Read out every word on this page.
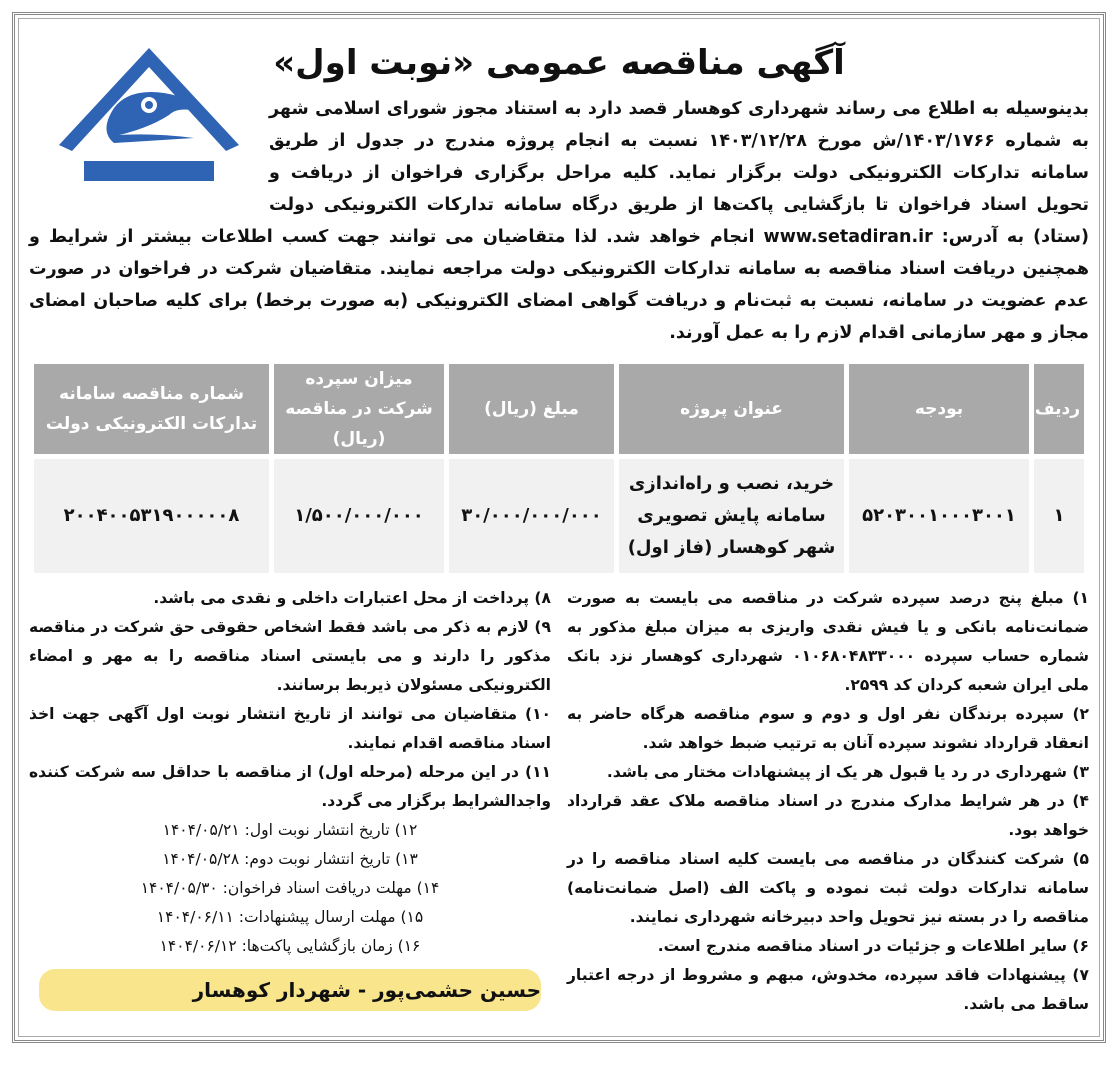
آگهی مناقصه عمومی «نوبت اول»
بدینوسیله به اطلاع می رساند شهرداری کوهسار قصد دارد به استناد مجوز شورای اسلامی شهر به شماره ۱۴۰۳/۱۷۶۶/ش مورخ ۱۴۰۳/۱۲/۲۸ نسبت به انجام پروژه مندرج در جدول از طریق سامانه تدارکات الکترونیکی دولت برگزار نماید. کلیه مراحل برگزاری فراخوان از دریافت و تحویل اسناد فراخوان تا بازگشایی پاکت‌ها از طریق درگاه سامانه تدارکات الکترونیکی دولت (ستاد) به آدرس: www.setadiran.ir انجام خواهد شد. لذا متقاضیان می توانند جهت کسب اطلاعات بیشتر از شرایط و همچنین دریافت اسناد مناقصه به سامانه تدارکات الکترونیکی دولت مراجعه نمایند. متقاضیان شرکت در فراخوان در صورت عدم عضویت در سامانه، نسبت به ثبت‌نام و دریافت گواهی امضای الکترونیکی (به صورت برخط) برای کلیه صاحبان امضای مجاز و مهر سازمانی اقدام لازم را به عمل آورند.
ردیف	بودجه	عنوان پروژه	مبلغ (ریال)	میزان سپرده شرکت در مناقصه (ریال)	شماره مناقصه سامانه تدارکات الکترونیکی دولت
۱	۵۲۰۳۰۰۱۰۰۰۳۰۰۱	خرید، نصب و راه‌اندازی سامانه پایش تصویری شهر کوهسار (فاز اول)	۳۰/۰۰۰/۰۰۰/۰۰۰	۱/۵۰۰/۰۰۰/۰۰۰	۲۰۰۴۰۰۵۳۱۹۰۰۰۰۰۸

۱) مبلغ پنج درصد سپرده شرکت در مناقصه می بایست به صورت ضمانت‌نامه بانکی و یا فیش نقدی واریزی به میزان مبلغ مذکور به شماره حساب سپرده ۰۱۰۶۸۰۴۸۳۳۰۰۰ شهرداری کوهسار نزد بانک ملی ایران شعبه کردان کد ۲۵۹۹.

۲) سپرده برندگان نفر اول و دوم و سوم مناقصه هرگاه حاضر به انعقاد قرارداد نشوند سپرده آنان به ترتیب ضبط خواهد شد.

۳) شهرداری در رد یا قبول هر یک از پیشنهادات مختار می باشد.

۴) در هر شرایط مدارک مندرج در اسناد مناقصه ملاک عقد قرارداد خواهد بود.

۵) شرکت کنندگان در مناقصه می بایست کلیه اسناد مناقصه را در سامانه تدارکات دولت ثبت نموده و پاکت الف (اصل ضمانت‌نامه) مناقصه را در بسته نیز تحویل واحد دبیرخانه شهرداری نمایند.

۶) سایر اطلاعات و جزئیات در اسناد مناقصه مندرج است.

۷) پیشنهادات فاقد سپرده، مخدوش، مبهم و مشروط از درجه اعتبار ساقط می باشد.

۸) پرداخت از محل اعتبارات داخلی و نقدی می باشد.

۹) لازم به ذکر می باشد فقط اشخاص حقوقی حق شرکت در مناقصه مذکور را دارند و می بایستی اسناد مناقصه را به مهر و امضاء الکترونیکی مسئولان ذیربط برسانند.

۱۰) متقاضیان می توانند از تاریخ انتشار نوبت اول آگهی جهت اخذ اسناد مناقصه اقدام نمایند.

۱۱) در این مرحله (مرحله اول) از مناقصه با حداقل سه شرکت کننده واجدالشرایط برگزار می گردد.

۱۲) تاریخ انتشار نوبت اول: ۱۴۰۴/۰۵/۲۱

۱۳) تاریخ انتشار نوبت دوم: ۱۴۰۴/۰۵/۲۸

۱۴) مهلت دریافت اسناد فراخوان: ۱۴۰۴/۰۵/۳۰

۱۵) مهلت ارسال پیشنهادات: ۱۴۰۴/۰۶/۱۱

۱۶) زمان بازگشایی پاکت‌ها: ۱۴۰۴/۰۶/۱۲

حسین حشمی‌پور - شهردار کوهسار
